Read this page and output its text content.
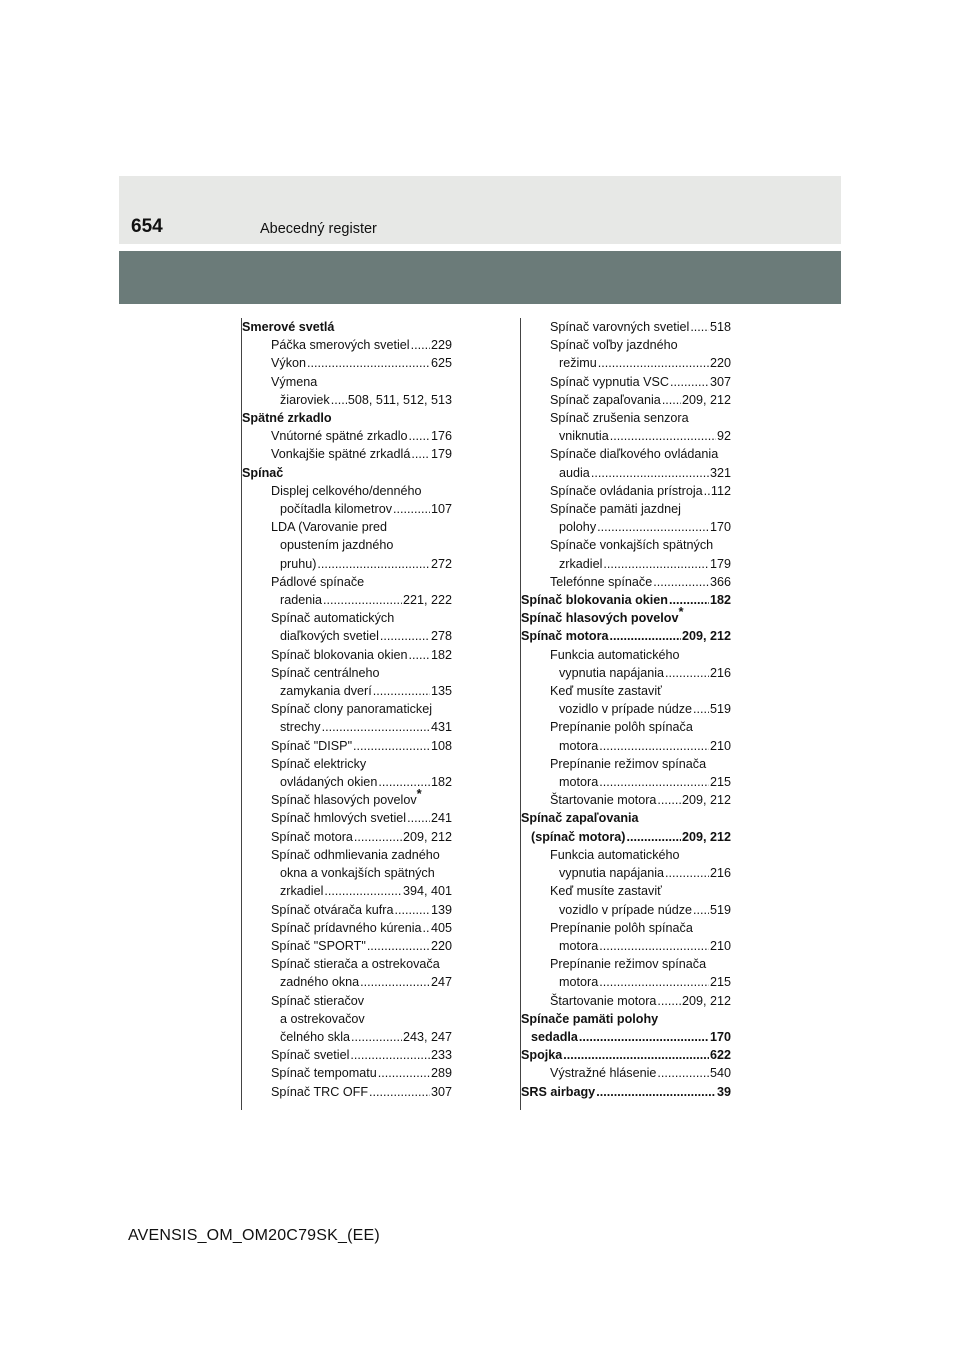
654	Abecedný register
Smerové svetlá
Páčka smerových svetiel ..... 229
Výkon .....	625
Výmena
žiaroviek ..... 508, 511, 512, 513
Spätné zrkadlo
Vnútorné spätné zrkadlo ..... 176
Vonkajšie spätné zrkadlá ..... 179
Spínač
Displej celkového/denného
počítadla kilometrov .....	107
LDA (Varovanie pred
opustením jazdného
pruhu) .....	272
Pádlové spínače
radenia .....	221, 222
Spínač automatických
diaľkových svetiel .....	278
Spínač blokovania okien ..... 182
Spínač centrálneho
zamykania dverí .....	135
Spínač clony panoramatickej
strechy .....	431
Spínač "DISP" .....	108
Spínač elektricky
ovládaných okien .....	182
Spínač hlasových povelov*
Spínač hmlových svetiel ..... 241
Spínač motora .....	209, 212
Spínač odhmlievania zadného
okna a vonkajších spätných
zrkadiel .....	394, 401
Spínač otvárača kufra .....	139
Spínač prídavného kúrenia ..... 405
Spínač "SPORT" .....	220
Spínač stierača a ostrekovača
zadného okna .....	247
Spínač stieračov
a ostrekovačov
čelného skla .....	243, 247
Spínač svetiel .....	233
Spínač tempomatu .....	289
Spínač TRC OFF .....	307
Spínač varovných svetiel ..... 518
Spínač voľby jazdného
režimu .....	220
Spínač vypnutia VSC .....	307
Spínač zapaľovania ..... 209, 212
Spínač zrušenia senzora
vniknutia .....	92
Spínače diaľkového ovládania
audia .....	321
Spínače ovládania prístroja ..... 112
Spínače pamäti jazdnej
polohy .....	170
Spínače vonkajších spätných
zrkadiel .....	179
Telefónne spínače .....	366
Spínač blokovania okien .....	182
Spínač hlasových povelov*
Spínač motora .....	209, 212
Funkcia automatického
vypnutia napájania .....	216
Keď musíte zastaviť
vozidlo v prípade núdze ..... 519
Prepínanie polôh spínača
motora .....	210
Prepínanie režimov spínača
motora .....	215
Štartovanie motora ..... 209, 212
Spínač zapaľovania
(spínač motora) .....	209, 212
Funkcia automatického
vypnutia napájania .....	216
Keď musíte zastaviť
vozidlo v prípade núdze ..... 519
Prepínanie polôh spínača
motora .....	210
Prepínanie režimov spínača
motora .....	215
Štartovanie motora ..... 209, 212
Spínače pamäti polohy
sedadla .....	170
Spojka .....	622
Výstražné hlásenie .....	540
SRS airbagy .....	39
AVENSIS_OM_OM20C79SK_(EE)
